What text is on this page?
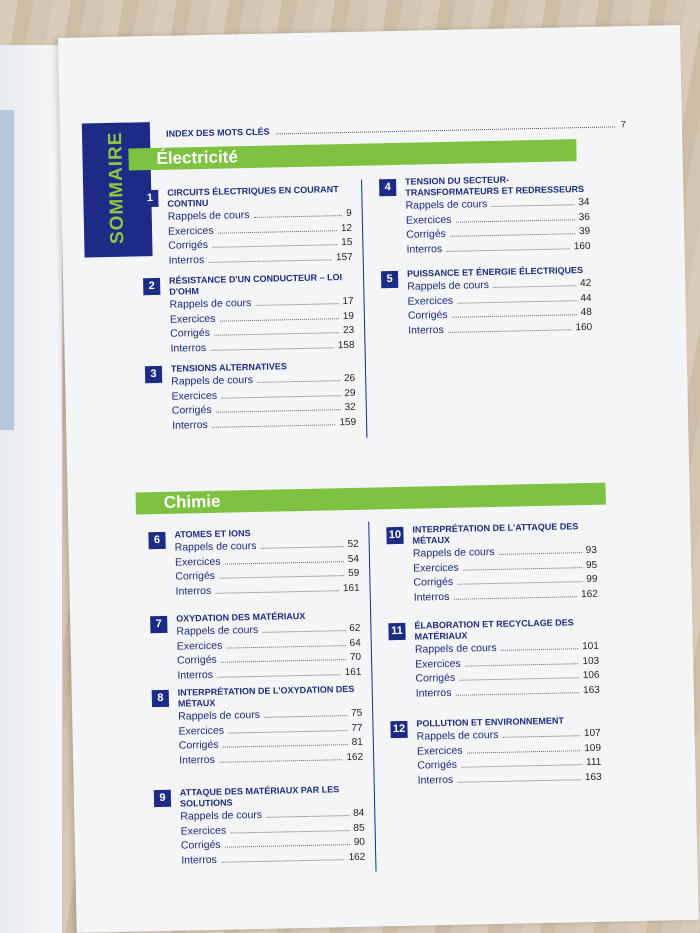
SOMMAIRE	INDEX DES MOTS CLÉS
7
Électricité
Chimie
1
CIRCUITS ÉLECTRIQUES EN COURANT CONTINU
Rappels de cours	9
Exercices	12
Corrigés	15
Interros	157
2
RÉSISTANCE D'UN CONDUCTEUR – LOI D'OHM
Rappels de cours	17
Exercices	19
Corrigés	23
Interros	158
3
TENSIONS ALTERNATIVES
Rappels de cours	26
Exercices	29
Corrigés	32
Interros	159
4
TENSION DU SECTEUR-TRANSFORMATEURS ET REDRESSEURS
Rappels de cours	34
Exercices	36
Corrigés	39
Interros	160
5
PUISSANCE ET ÉNERGIE ÉLECTRIQUES
Rappels de cours	42
Exercices	44
Corrigés	48
Interros	160
6
ATOMES ET IONS
Rappels de cours	52
Exercices	54
Corrigés	59
Interros	161
7
OXYDATION DES MATÉRIAUX
Rappels de cours	62
Exercices	64
Corrigés	70
Interros	161
8
INTERPRÉTATION DE L'OXYDATION DES MÉTAUX
Rappels de cours	75
Exercices	77
Corrigés	81
Interros	162
9
ATTAQUE DES MATÉRIAUX PAR LES SOLUTIONS
Rappels de cours	84
Exercices	85
Corrigés	90
Interros	162
10
INTERPRÉTATION DE L'ATTAQUE DES MÉTAUX
Rappels de cours	93
Exercices	95
Corrigés	99
Interros	162
11
ÉLABORATION ET RECYCLAGE DES MATÉRIAUX
Rappels de cours	101
Exercices	103
Corrigés	106
Interros	163
12
POLLUTION ET ENVIRONNEMENT
Rappels de cours	107
Exercices	109
Corrigés	111
Interros	163
